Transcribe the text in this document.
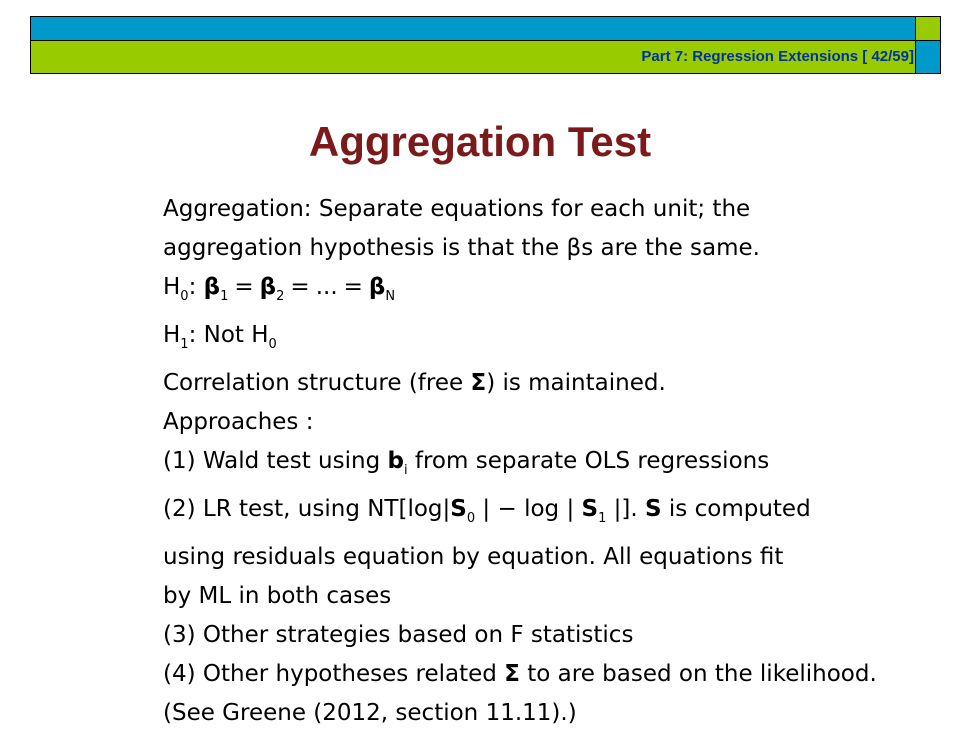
Part 7: Regression Extensions [ 42/59]
Aggregation Test
Aggregation: Separate equations for each unit; the
aggregation hypothesis is that the βs are the same.
$H_0$: $\beta_1 = \beta_2$ = ... = $\beta_N$
$H_1$: Not $H_0$
Correlation structure (free Σ) is maintained.
Approaches :
(1) Wald test using $b_i$ from separate OLS regressions
(2) LR test, using $NT[\log|S_0$ | − log | $S_1$ |]. S is computed
using residuals equation by equation. All equations fit
by ML in both cases
(3) Other strategies based on F statistics
(4) Other hypotheses related Σ to are based on the likelihood.
(See Greene (2012, section 11.11).)
